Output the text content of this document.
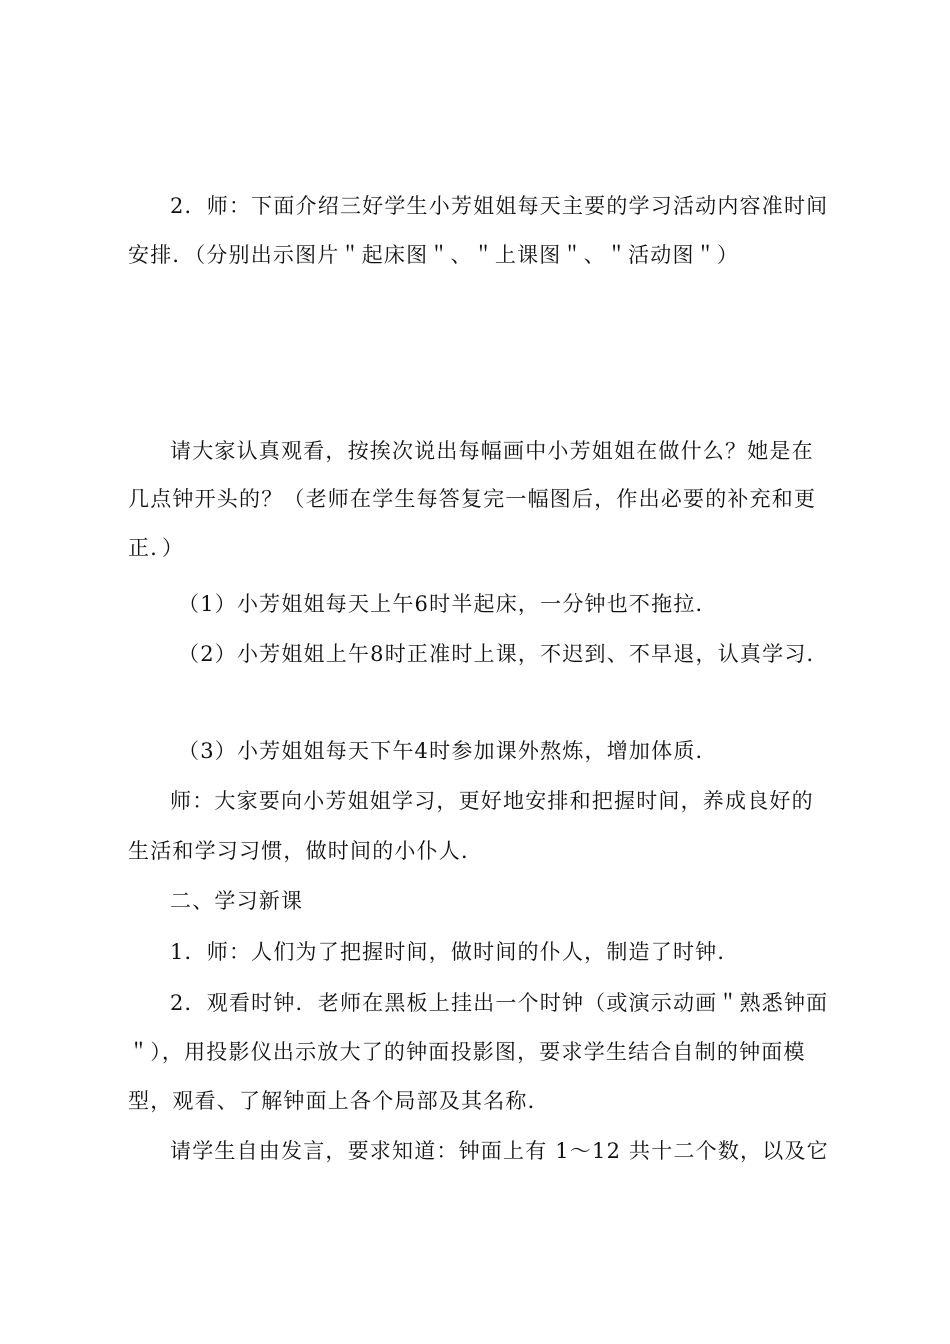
2．师：下面介绍三好学生小芳姐姐每天主要的学习活动内容准时间
安排．（分别出示图片＂起床图＂、＂上课图＂、＂活动图＂）
请大家认真观看，按挨次说出每幅画中小芳姐姐在做什么？她是在
几点钟开头的？（老师在学生每答复完一幅图后，作出必要的补充和更
正．）
（1）小芳姐姐每天上午6时半起床，一分钟也不拖拉．
（2）小芳姐姐上午8时正准时上课，不迟到、不早退，认真学习．
（3）小芳姐姐每天下午4时参加课外熬炼，增加体质．
师：大家要向小芳姐姐学习，更好地安排和把握时间，养成良好的
生活和学习习惯，做时间的小仆人．
二、学习新课
1．师：人们为了把握时间，做时间的仆人，制造了时钟．
2．观看时钟．老师在黑板上挂出一个时钟（或演示动画＂熟悉钟面
＂），用投影仪出示放大了的钟面投影图，要求学生结合自制的钟面模
型，观看、了解钟面上各个局部及其名称．
请学生自由发言，要求知道：钟面上有 1～12 共十二个数，以及它
